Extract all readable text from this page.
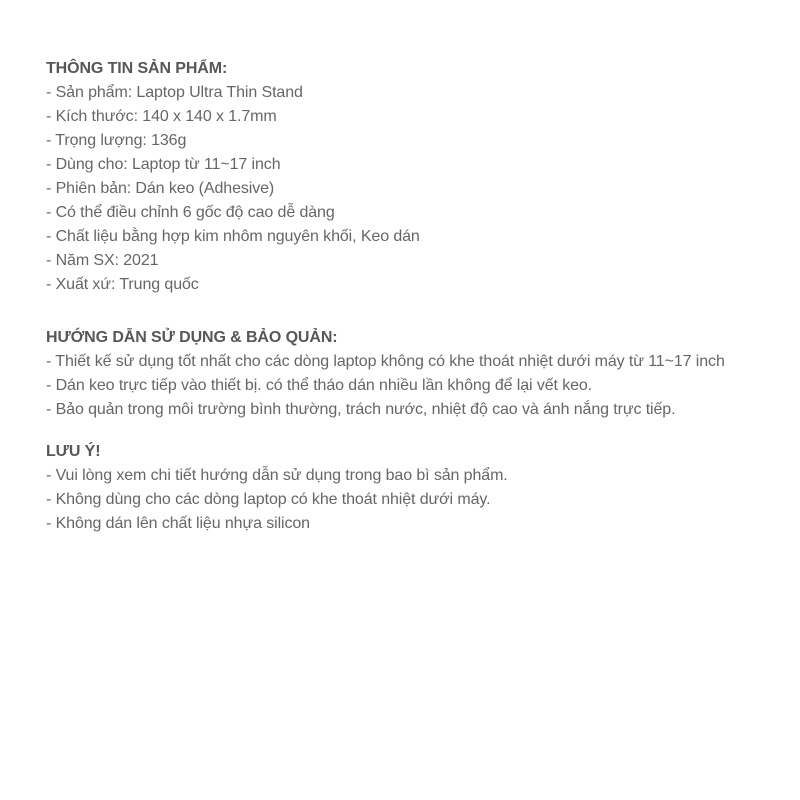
THÔNG TIN SẢN PHẨM:
- Sản phẩm: Laptop Ultra Thin Stand
- Kích thước: 140 x 140 x 1.7mm
- Trọng lượng: 136g
- Dùng cho: Laptop từ 11~17 inch
- Phiên bản: Dán keo (Adhesive)
- Có thể điều chỉnh 6 gốc độ cao dễ dàng
- Chất liệu bằng hợp kim nhôm nguyên khối, Keo dán
- Năm SX: 2021
- Xuất xứ: Trung quốc
HƯỚNG DẪN SỬ DỤNG & BẢO QUẢN:
- Thiết kế sử dụng tốt nhất cho các dòng laptop không có khe thoát nhiệt dưới máy từ 11~17 inch
- Dán keo trực tiếp vào thiết bị. có thể tháo dán nhiều lần không để lại vết keo.
- Bảo quản trong môi trường bình thường, trách nước, nhiệt độ cao và ánh nắng trực tiếp.
LƯU Ý!
- Vui lòng xem chi tiết hướng dẫn sử dụng trong bao bì sản phẩm.
- Không dùng cho các dòng laptop có khe thoát nhiệt dưới máy.
- Không dán lên chất liệu nhựa silicon
